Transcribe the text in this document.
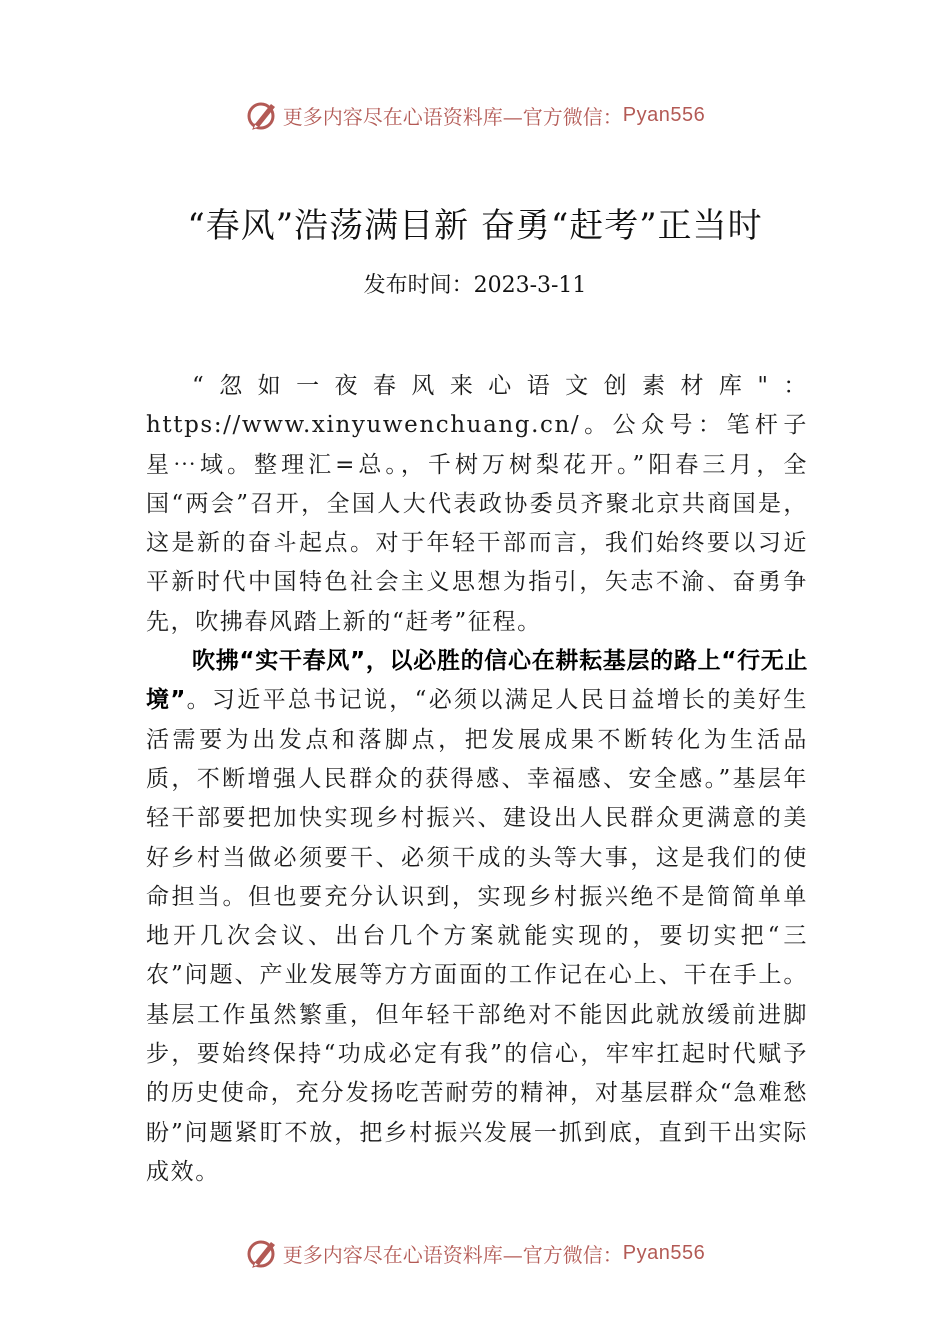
更多内容尽在心语资料库—官方微信： Pyan556
“春风”浩荡满目新 奋勇“赶考”正当时
发布时间：2023-3-11

“忽如一夜春风来心语文创素材库"：https://www.xinyuwenchuang.cn/。公众号：笔杆子星⋯域。整理汇=总。，千树万树梨花开。”阳春三月，全国“两会”召开，全国人大代表政协委员齐聚北京共商国是， 这是新的奋斗起点。对于年轻干部而言，我们始终要以习近平新时代中国特色社会主义思想为指引，矢志不渝、奋勇争先，吹拂春风踏上新的“赶考”征程。

吹拂“实干春风”，以必胜的信心在耕耘基层的路上“行无止境”。习近平总书记说，“必须以满足人民日益增长的美好生活需要为出发点和落脚点，把发展成果不断转化为生活品质，不断增强人民群众的获得感、幸福感、安全感。”基层年轻干部要把加快实现乡村振兴、建设出人民群众更满意的美好乡村当做必须要干、必须干成的头等大事，这是我们的使命担当。但也要充分认识到，实现乡村振兴绝不是简简单单地开几次会议、出台几个方案就能实现的，要切实把“三农”问题、产业发展等方方面面的工作记在心上、干在手上。基层工作虽然繁重，但年轻干部绝对不能因此就放缓前进脚步，要始终保持“功成必定有我”的信心，牢牢扛起时代赋予的历史使命，充分发扬吃苦耐劳的精神，对基层群众“急难愁盼”问题紧盯不放，把乡村振兴发展一抓到底，直到干出实际成效。

更多内容尽在心语资料库—官方微信： Pyan556
